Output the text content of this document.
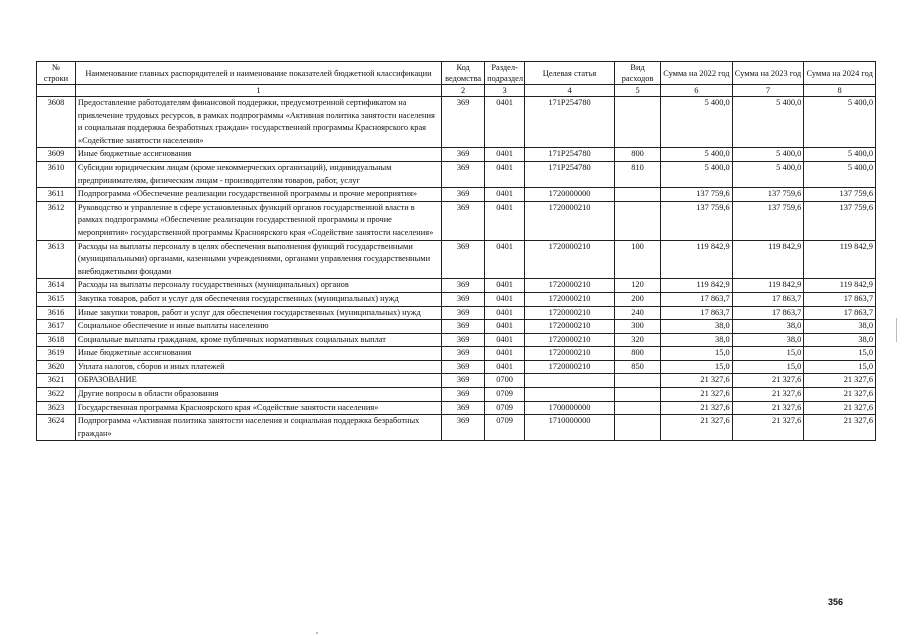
№ строки	Наименование главных распорядителей и наименование показателей бюджетной классификации	Код ведомства	Раздел-подраздел	Целевая статья	Вид расходов	Сумма на 2022 год	Сумма на 2023 год	Сумма на 2024 год
	1	2	3	4	5	6	7	8
3608	Предоставление работодателям финансовой поддержки, предусмотренной сертификатом на привлечение трудовых ресурсов, в рамках подпрограммы «Активная политика занятости населения и социальная поддержка безработных граждан» государственной программы Красноярского края «Содействие занятости населения»	369	0401	171P254780		5 400,0	5 400,0	5 400,0
3609	Иные бюджетные ассигнования	369	0401	171P254780	800	5 400,0	5 400,0	5 400,0
3610	Субсидии юридическим лицам (кроме некоммерческих организаций), индивидуальным предпринимателям, физическим лицам - производителям товаров, работ, услуг	369	0401	171P254780	810	5 400,0	5 400,0	5 400,0
3611	Подпрограмма «Обеспечение реализации государственной программы и прочие мероприятия»	369	0401	1720000000		137 759,6	137 759,6	137 759,6
3612	Руководство и управление в сфере установленных функций органов государственной власти в рамках подпрограммы «Обеспечение реализации государственной программы и прочие мероприятия» государственной программы Красноярского края «Содействие занятости населения»	369	0401	1720000210		137 759,6	137 759,6	137 759,6
3613	Расходы на выплаты персоналу в целях обеспечения выполнения функций государственными (муниципальными) органами, казенными учреждениями, органами управления государственными внебюджетными фондами	369	0401	1720000210	100	119 842,9	119 842,9	119 842,9
3614	Расходы на выплаты персоналу государственных (муниципальных) органов	369	0401	1720000210	120	119 842,9	119 842,9	119 842,9
3615	Закупка товаров, работ и услуг для обеспечения государственных (муниципальных) нужд	369	0401	1720000210	200	17 863,7	17 863,7	17 863,7
3616	Иные закупки товаров, работ и услуг для обеспечения государственных (муниципальных) нужд	369	0401	1720000210	240	17 863,7	17 863,7	17 863,7
3617	Социальное обеспечение и иные выплаты населению	369	0401	1720000210	300	38,0	38,0	38,0
3618	Социальные выплаты гражданам, кроме публичных нормативных социальных выплат	369	0401	1720000210	320	38,0	38,0	38,0
3619	Иные бюджетные ассигнования	369	0401	1720000210	800	15,0	15,0	15,0
3620	Уплата налогов, сборов и иных платежей	369	0401	1720000210	850	15,0	15,0	15,0
3621	ОБРАЗОВАНИЕ	369	0700			21 327,6	21 327,6	21 327,6
3622	Другие вопросы в области образования	369	0709			21 327,6	21 327,6	21 327,6
3623	Государственная программа Красноярского края «Содействие занятости населения»	369	0709	1700000000		21 327,6	21 327,6	21 327,6
3624	Подпрограмма «Активная политика занятости населения и социальная поддержка безработных граждан»	369	0709	1710000000		21 327,6	21 327,6	21 327,6
356
